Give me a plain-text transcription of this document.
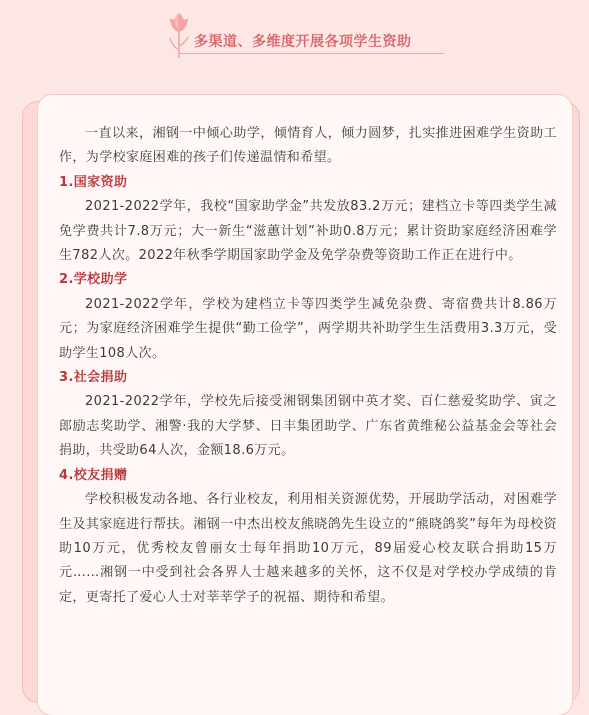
多渠道、多维度开展各项学生资助

一直以来，湘钢一中倾心助学，倾情育人，倾力圆梦，扎实推进困难学生资助工作，为学校家庭困难的孩子们传递温情和希望。

1.国家资助

2021-2022学年，我校“国家助学金”共发放83.2万元；建档立卡等四类学生减免学费共计7.8万元；大一新生“滋蕙计划”补助0.8万元；累计资助家庭经济困难学生782人次。2022年秋季学期国家助学金及免学杂费等资助工作正在进行中。

2.学校助学

2021-2022学年，学校为建档立卡等四类学生减免杂费、寄宿费共计8.86万元；为家庭经济困难学生提供“勤工俭学”，两学期共补助学生生活费用3.3万元，受助学生108人次。

3.社会捐助

2021-2022学年，学校先后接受湘钢集团钢中英才奖、百仁慈爱奖助学、寅之郎励志奖助学、湘警·我的大学梦、日丰集团助学、广东省黄维秘公益基金会等社会捐助，共受助64人次，金额18.6万元。

4.校友捐赠

学校积极发动各地、各行业校友，利用相关资源优势，开展助学活动，对困难学生及其家庭进行帮扶。湘钢一中杰出校友熊晓鸽先生设立的“熊晓鸽奖”每年为母校资助10万元，优秀校友曾丽女士每年捐助10万元，89届爱心校友联合捐助15万元……湘钢一中受到社会各界人士越来越多的关怀，这不仅是对学校办学成绩的肯定，更寄托了爱心人士对莘莘学子的祝福、期待和希望。
